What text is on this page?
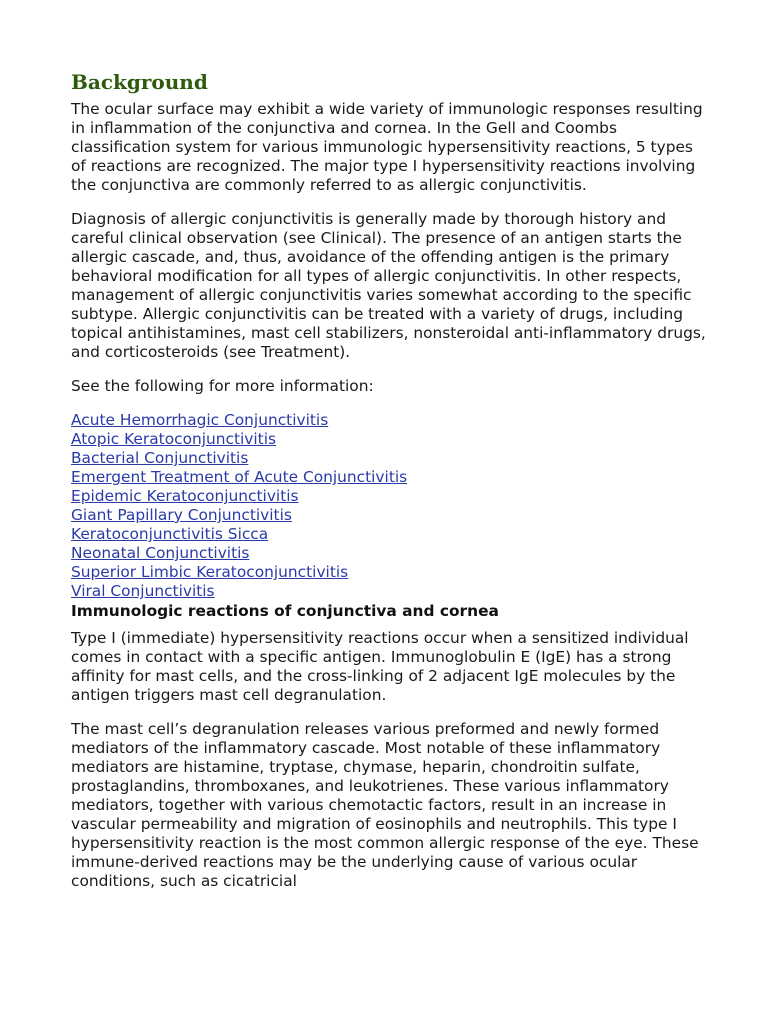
Background

The ocular surface may exhibit a wide variety of immunologic responses resulting in inflammation of the conjunctiva and cornea. In the Gell and Coombs classification system for various immunologic hypersensitivity reactions, 5 types of reactions are recognized. The major type I hypersensitivity reactions involving the conjunctiva are commonly referred to as allergic conjunctivitis.

Diagnosis of allergic conjunctivitis is generally made by thorough history and careful clinical observation (see Clinical). The presence of an antigen starts the allergic cascade, and, thus, avoidance of the offending antigen is the primary behavioral modification for all types of allergic conjunctivitis. In other respects, management of allergic conjunctivitis varies somewhat according to the specific subtype. Allergic conjunctivitis can be treated with a variety of drugs, including topical antihistamines, mast cell stabilizers, nonsteroidal anti-inflammatory drugs, and corticosteroids (see Treatment).

See the following for more information:

Acute Hemorrhagic Conjunctivitis
Atopic Keratoconjunctivitis
Bacterial Conjunctivitis
Emergent Treatment of Acute Conjunctivitis
Epidemic Keratoconjunctivitis
Giant Papillary Conjunctivitis
Keratoconjunctivitis Sicca
Neonatal Conjunctivitis
Superior Limbic Keratoconjunctivitis
Viral Conjunctivitis
Immunologic reactions of conjunctiva and cornea

Type I (immediate) hypersensitivity reactions occur when a sensitized individual comes in contact with a specific antigen. Immunoglobulin E (IgE) has a strong affinity for mast cells, and the cross-linking of 2 adjacent IgE molecules by the antigen triggers mast cell degranulation.

The mast cell’s degranulation releases various preformed and newly formed mediators of the inflammatory cascade. Most notable of these inflammatory mediators are histamine, tryptase, chymase, heparin, chondroitin sulfate, prostaglandins, thromboxanes, and leukotrienes. These various inflammatory mediators, together with various chemotactic factors, result in an increase in vascular permeability and migration of eosinophils and neutrophils. This type I hypersensitivity reaction is the most common allergic response of the eye. These immune-derived reactions may be the underlying cause of various ocular conditions, such as cicatricial
